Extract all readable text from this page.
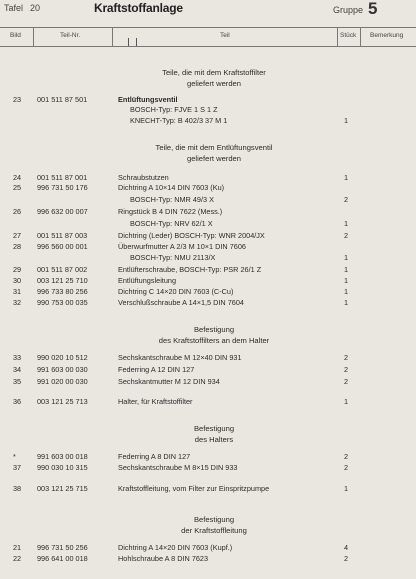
Tafel 20	Kraftstoffanlage	Gruppe 5
Bild	Teil-Nr.	Teil	Stück Bemerkung
Teile, die mit dem Kraftstoffilter
geliefert werden
23 001 511 87 501	Entlüftungsventil
BOSCH-Typ: FJVE 1 S 1 Z
KNECHT-Typ: B 402/3 37 M 1	1
Teile, die mit dem Entlüftungsventil
geliefert werden
24 001 511 87 001	Schraubstutzen	1
25 996 731 50 176	Dichtring A 10×14 DIN 7603 (Ku)
BOSCH-Typ: NMR 49/3 X	2
26 996 632 00 007	Ringstück B 4 DIN 7622 (Mess.)
BOSCH-Typ: NRV 62/1 X	1
27 001 511 87 003	Dichtring (Leder) BOSCH-Typ: WNR 2004/JX	2
28 996 560 00 001	Überwurfmutter A 2/3 M 10×1 DIN 7606
BOSCH-Typ: NMU 2113/X	1
29 001 511 87 002	Entlüfterschraube, BOSCH-Typ: PSR 26/1 Z	1
30 003 121 25 710	Entlüftungsleitung	1
31 996 733 80 256	Dichtring C 14×20 DIN 7603 (C-Cu)	1
32 990 753 00 035	Verschlußschraube A 14×1,5 DIN 7604	1
Befestigung
des Kraftstoffilters an dem Halter
33 990 020 10 512	Sechskantschraube M 12×40 DIN 931	2
34 991 603 00 030	Federring A 12 DIN 127	2
35 991 020 00 030	Sechskantmutter M 12 DIN 934	2
36 003 121 25 713	Halter, für Kraftstoffilter	1
Befestigung
des Halters
*	991 603 00 018	Federring A 8 DIN 127	2
37 990 030 10 315	Sechskantschraube M 8×15 DIN 933	2
38 003 121 25 715	Kraftstoffleitung, vom Filter zur Einspritzpumpe	1
Befestigung
der Kraftstoffleitung
21 996 731 50 256	Dichtring A 14×20 DIN 7603 (Kupf.)	4
22 996 641 00 018	Hohlschraube A 8 DIN 7623	2
